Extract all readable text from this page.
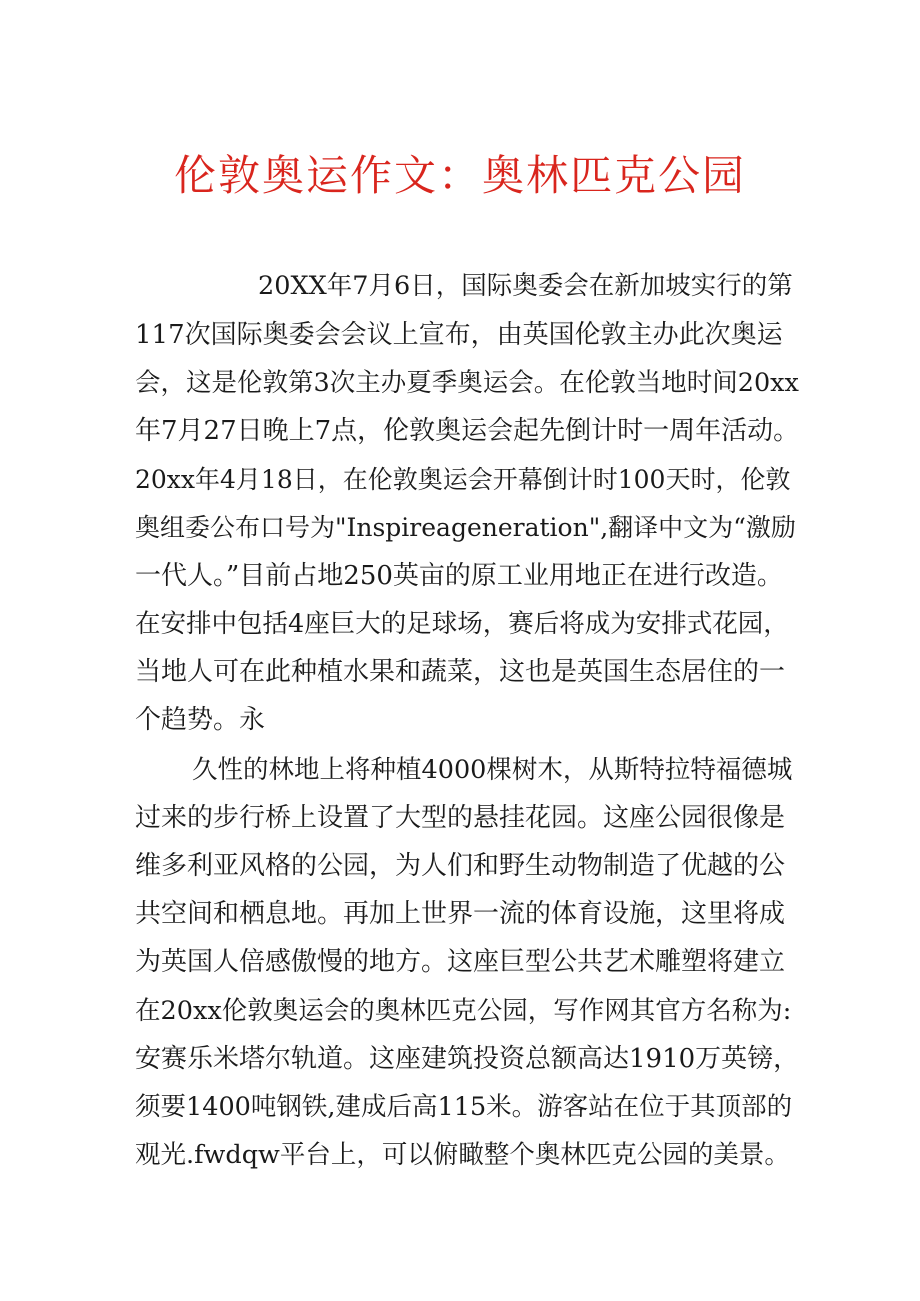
伦敦奥运作文：奥林匹克公园
20XX年7月6日，国际奥委会在新加坡实行的第
117次国际奥委会会议上宣布，由英国伦敦主办此次奥运
会，这是伦敦第3次主办夏季奥运会。在伦敦当地时间20xx
年7月27日晚上7点，伦敦奥运会起先倒计时一周年活动。
20xx年4月18日，在伦敦奥运会开幕倒计时100天时，伦敦
奥组委公布口号为"Inspireageneration",翻译中文为“激励
一代人。”目前占地250英亩的原工业用地正在进行改造。
在安排中包括4座巨大的足球场，赛后将成为安排式花园，
当地人可在此种植水果和蔬菜，这也是英国生态居住的一
个趋势。永
久性的林地上将种植4000棵树木，从斯特拉特福德城
过来的步行桥上设置了大型的悬挂花园。这座公园很像是
维多利亚风格的公园，为人们和野生动物制造了优越的公
共空间和栖息地。再加上世界一流的体育设施，这里将成
为英国人倍感傲慢的地方。这座巨型公共艺术雕塑将建立
在20xx伦敦奥运会的奥林匹克公园，写作网其官方名称为:
安赛乐米塔尔轨道。这座建筑投资总额高达1910万英镑，
须要1400吨钢铁,建成后高115米。游客站在位于其顶部的
观光.fwdqw平台上，可以俯瞰整个奥林匹克公园的美景。
